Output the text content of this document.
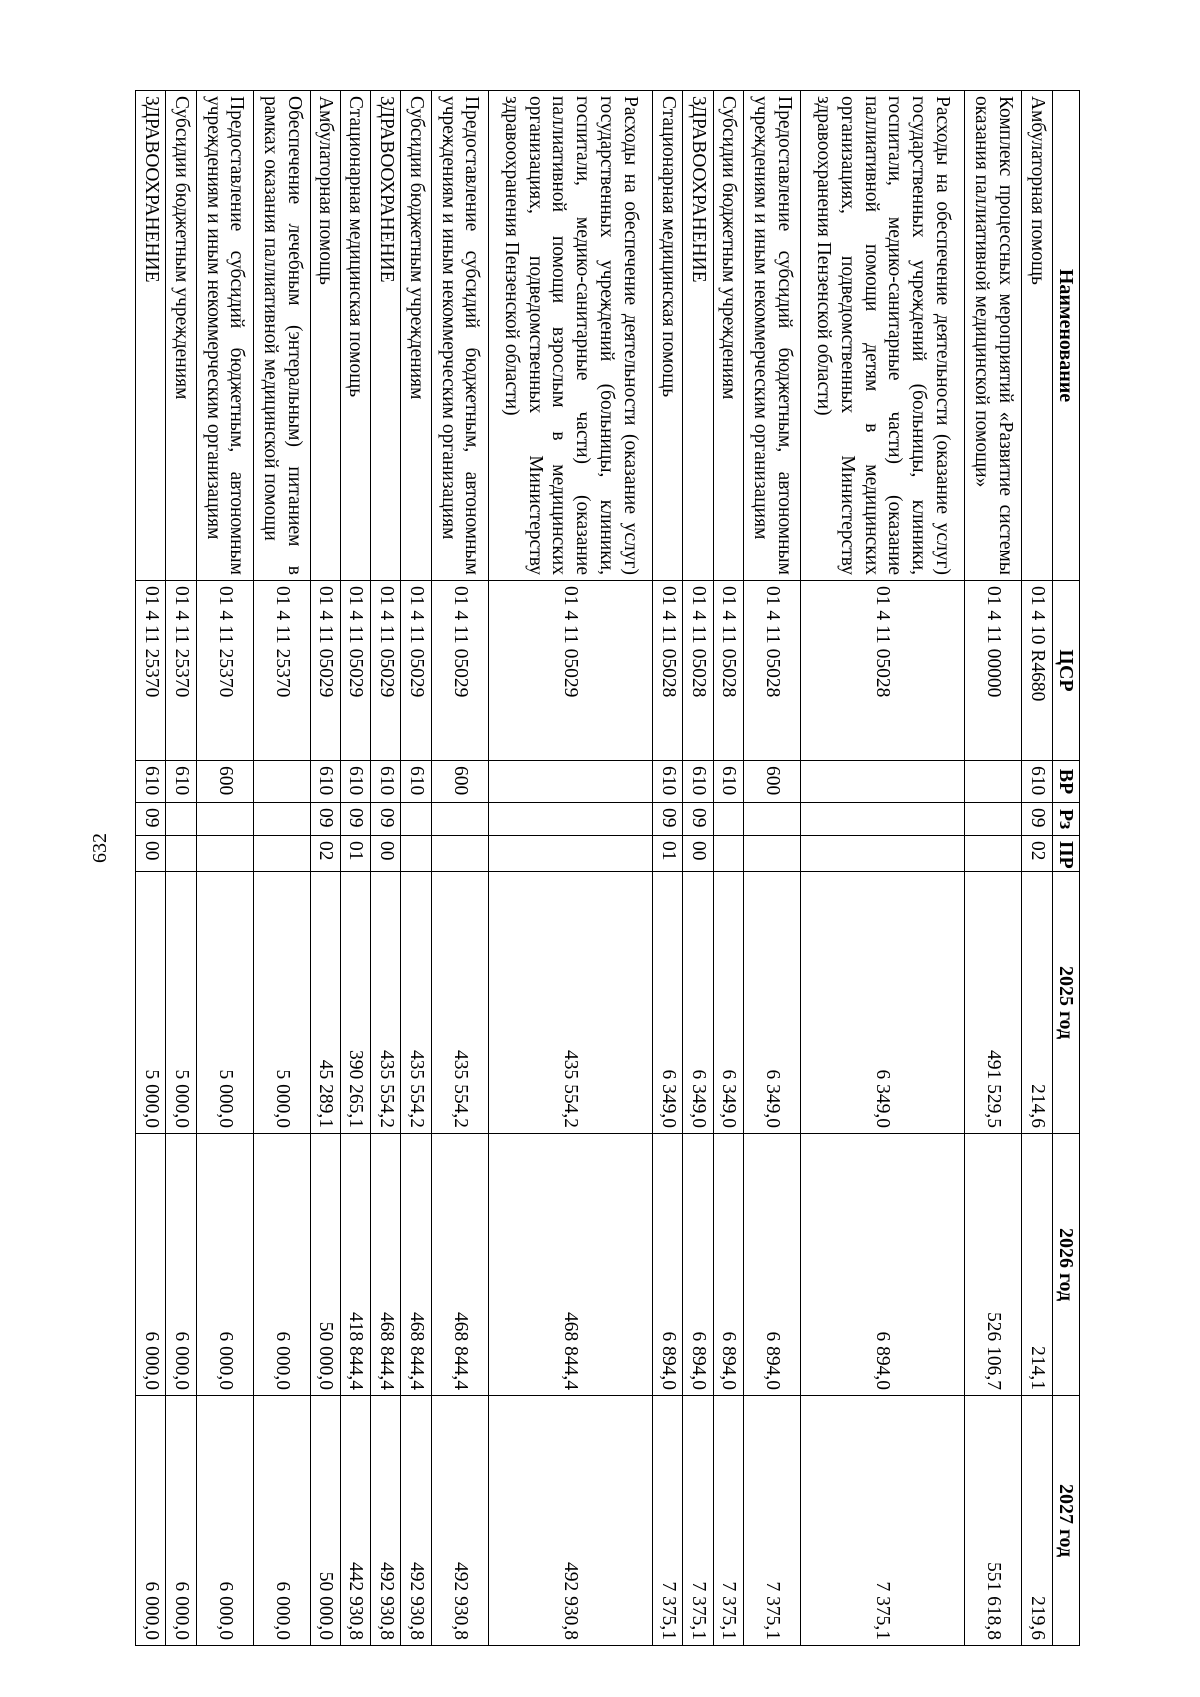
632
Наименование	ЦСР	ВР	Рз	ПР	2025 год	2026 год	2027 год
Амбулаторная помощь	01 4 10 R4680	610	09	02	214,6	214,1	219,6
Комплекс процессных мероприятий «Развитие системы оказания паллиативной медицинской помощи»	01 4 11 00000				491 529,5	526 106,7	551 618,8
Расходы на обеспечение деятельности (оказание услуг) государственных учреждений (больницы, клиники, госпитали, медико-санитарные части) (оказание паллиативной помощи детям в медицинских организациях, подведомственных Министерству здравоохранения Пензенской области)	01 4 11 05028				6 349,0	6 894,0	7 375,1
Предоставление субсидий бюджетным, автономным учреждениям и иным некоммерческим организациям	01 4 11 05028	600			6 349,0	6 894,0	7 375,1
Субсидии бюджетным учреждениям	01 4 11 05028	610			6 349,0	6 894,0	7 375,1
ЗДРАВООХРАНЕНИЕ	01 4 11 05028	610	09	00	6 349,0	6 894,0	7 375,1
Стационарная медицинская помощь	01 4 11 05028	610	09	01	6 349,0	6 894,0	7 375,1
Расходы на обеспечение деятельности (оказание услуг) государственных учреждений (больницы, клиники, госпитали, медико-санитарные части) (оказание паллиативной помощи взрослым в медицинских организациях, подведомственных Министерству здравоохранения Пензенской области)	01 4 11 05029				435 554,2	468 844,4	492 930,8
Предоставление субсидий бюджетным, автономным учреждениям и иным некоммерческим организациям	01 4 11 05029	600			435 554,2	468 844,4	492 930,8
Субсидии бюджетным учреждениям	01 4 11 05029	610			435 554,2	468 844,4	492 930,8
ЗДРАВООХРАНЕНИЕ	01 4 11 05029	610	09	00	435 554,2	468 844,4	492 930,8
Стационарная медицинская помощь	01 4 11 05029	610	09	01	390 265,1	418 844,4	442 930,8
Амбулаторная помощь	01 4 11 05029	610	09	02	45 289,1	50 000,0	50 000,0
Обеспечение лечебным (энтеральным) питанием в рамках оказания паллиативной медицинской помощи	01 4 11 25370				5 000,0	6 000,0	6 000,0
Предоставление субсидий бюджетным, автономным учреждениям и иным некоммерческим организациям	01 4 11 25370	600			5 000,0	6 000,0	6 000,0
Субсидии бюджетным учреждениям	01 4 11 25370	610			5 000,0	6 000,0	6 000,0
ЗДРАВООХРАНЕНИЕ	01 4 11 25370	610	09	00	5 000,0	6 000,0	6 000,0
